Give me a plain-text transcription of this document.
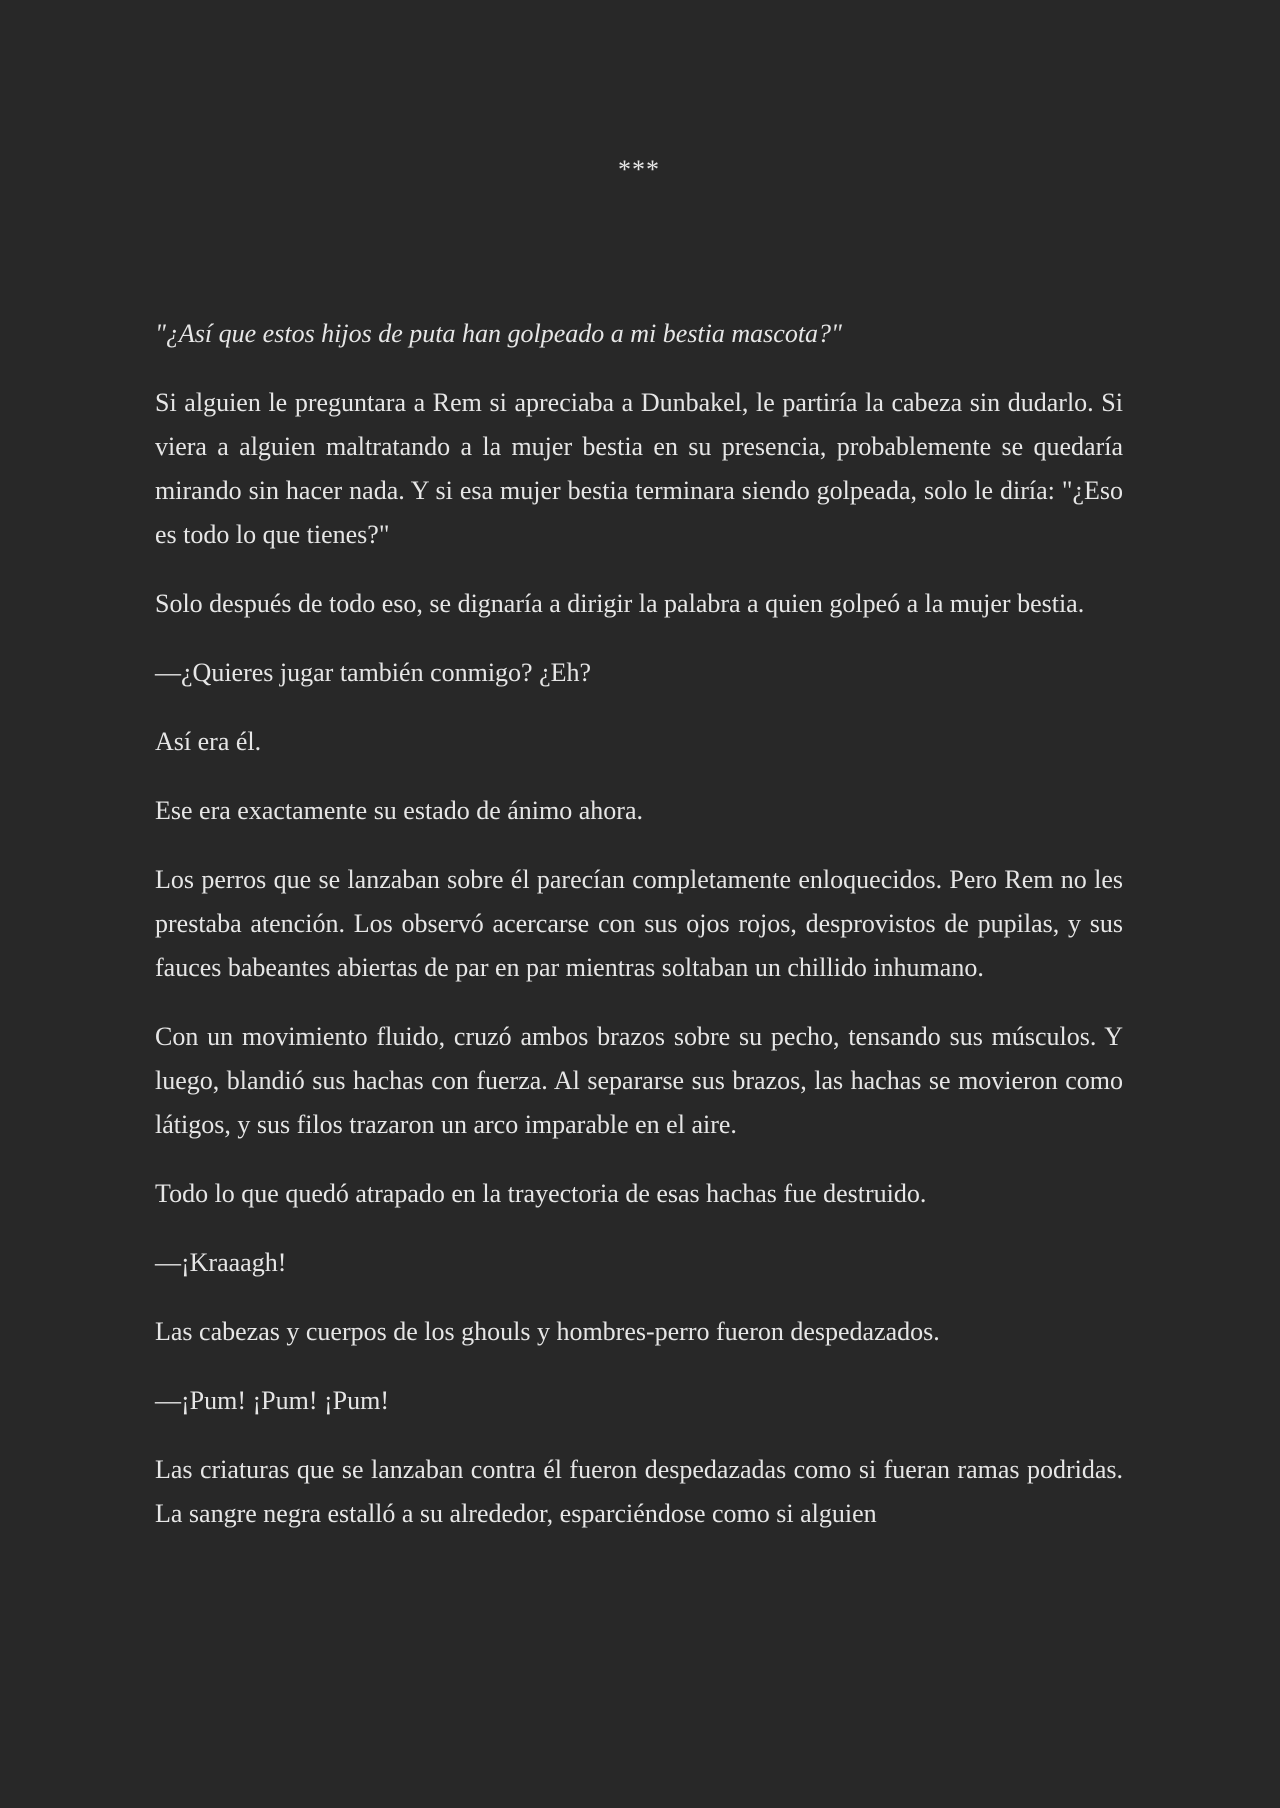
***

"¿Así que estos hijos de puta han golpeado a mi bestia mascota?"

Si alguien le preguntara a Rem si apreciaba a Dunbakel, le partiría la cabeza sin dudarlo. Si viera a alguien maltratando a la mujer bestia en su presencia, probablemente se quedaría mirando sin hacer nada. Y si esa mujer bestia terminara siendo golpeada, solo le diría: "¿Eso es todo lo que tienes?"

Solo después de todo eso, se dignaría a dirigir la palabra a quien golpeó a la mujer bestia.

—¿Quieres jugar también conmigo? ¿Eh?

Así era él.

Ese era exactamente su estado de ánimo ahora.

Los perros que se lanzaban sobre él parecían completamente enloquecidos. Pero Rem no les prestaba atención. Los observó acercarse con sus ojos rojos, desprovistos de pupilas, y sus fauces babeantes abiertas de par en par mientras soltaban un chillido inhumano.

Con un movimiento fluido, cruzó ambos brazos sobre su pecho, tensando sus músculos. Y luego, blandió sus hachas con fuerza. Al separarse sus brazos, las hachas se movieron como látigos, y sus filos trazaron un arco imparable en el aire.

Todo lo que quedó atrapado en la trayectoria de esas hachas fue destruido.

—¡Kraaagh!

Las cabezas y cuerpos de los ghouls y hombres-perro fueron despedazados.

—¡Pum! ¡Pum! ¡Pum!

Las criaturas que se lanzaban contra él fueron despedazadas como si fueran ramas podridas. La sangre negra estalló a su alrededor, esparciéndose como si alguien
